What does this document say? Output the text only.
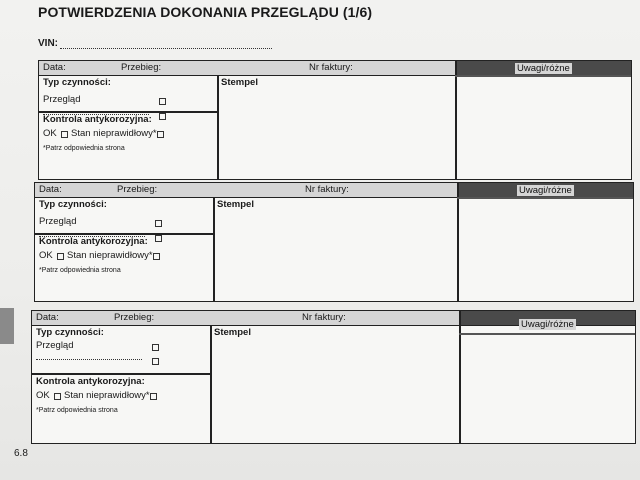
POTWIERDZENIA DOKONANIA PRZEGLĄDU (1/6)
VIN:
6.8
Data:	Przebieg:	Nr faktury:	Uwagi/różne
Typ czynności:
Przegląd
Stempel
Kontrola antykorozyjna:
OK Stan nieprawidłowy*
*Patrz odpowiednia strona
Data:	Przebieg:	Nr faktury:	Uwagi/różne
Typ czynności:
Przegląd
Stempel
Kontrola antykorozyjna:
OK Stan nieprawidłowy*
*Patrz odpowiednia strona
Data:	Przebieg:	Nr faktury:
Uwagi/różne
Typ czynności:
Przegląd
Stempel
Kontrola antykorozyjna:
OK Stan nieprawidłowy*
*Patrz odpowiednia strona
